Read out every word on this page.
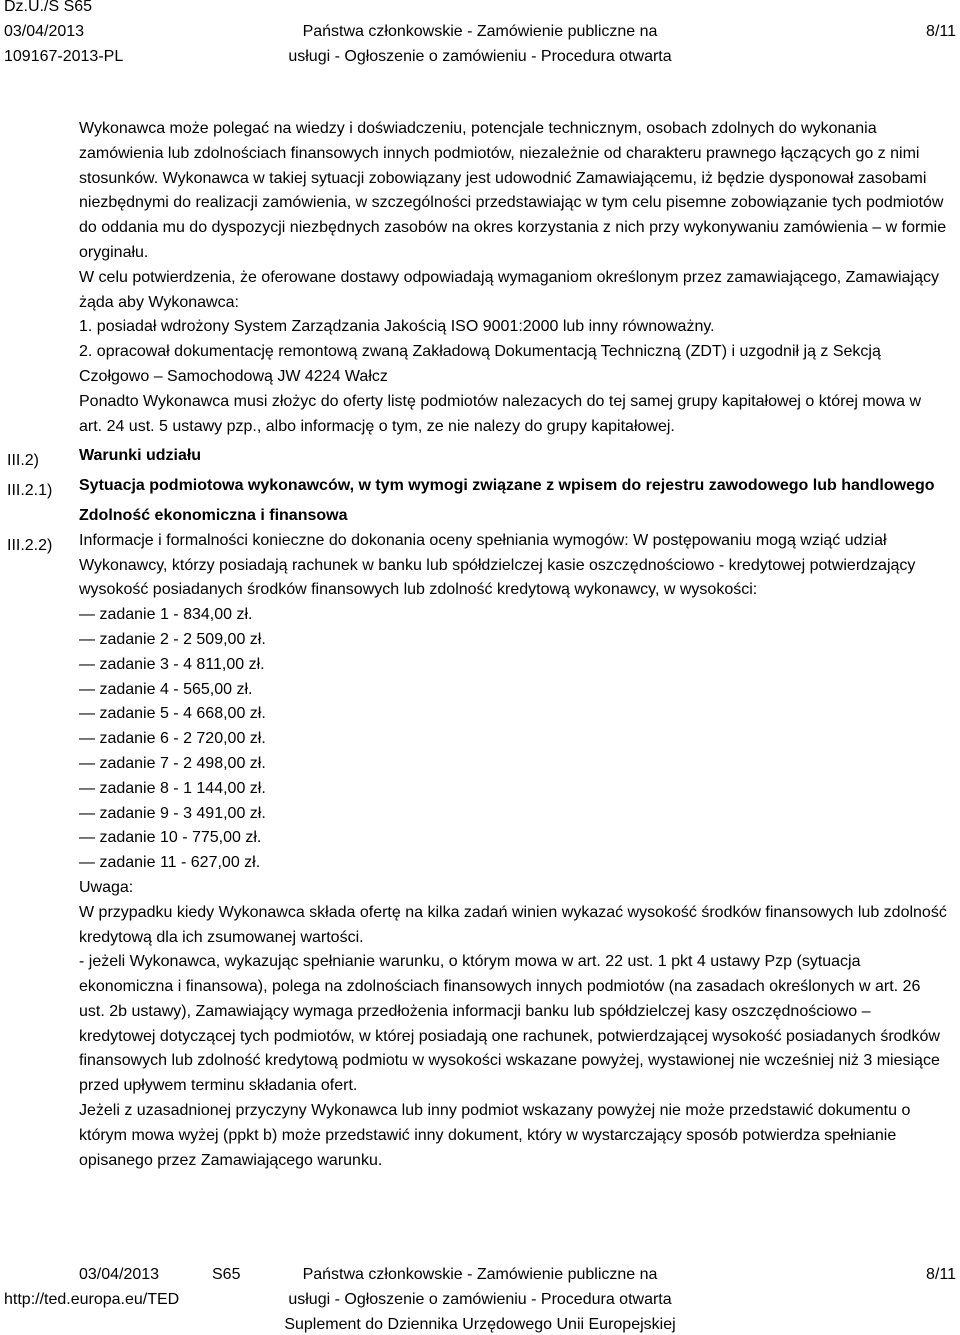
Dz.U./S S65
03/04/2013
109167-2013-PL
Państwa członkowskie - Zamówienie publiczne na
usługi - Ogłoszenie o zamówieniu - Procedura otwarta
8/11
III.2)
III.2.1)
III.2.2)

Wykonawca może polegać na wiedzy i doświadczeniu, potencjale technicznym, osobach zdolnych do wykonania zamówienia lub zdolnościach finansowych innych podmiotów, niezależnie od charakteru prawnego łączących go z nimi stosunków. Wykonawca w takiej sytuacji zobowiązany jest udowodnić Zamawiającemu, iż będzie dysponował zasobami niezbędnymi do realizacji zamówienia, w szczególności przedstawiając w tym celu pisemne zobowiązanie tych podmiotów do oddania mu do dyspozycji niezbędnych zasobów na okres korzystania z nich przy wykonywaniu zamówienia – w formie oryginału.

W celu potwierdzenia, że oferowane dostawy odpowiadają wymaganiom określonym przez zamawiającego, Zamawiający żąda aby Wykonawca:

1. posiadał wdrożony System Zarządzania Jakością ISO 9001:2000 lub inny równoważny.

2. opracował dokumentację remontową zwaną Zakładową Dokumentacją Techniczną (ZDT) i uzgodnił ją z Sekcją Czołgowo – Samochodową JW 4224 Wałcz

Ponadto Wykonawca musi złożyc do oferty listę podmiotów nalezacych do tej samej grupy kapitałowej o której mowa w art. 24 ust. 5 ustawy pzp., albo informację o tym, ze nie nalezy do grupy kapitałowej.

Warunki udziału

Sytuacja podmiotowa wykonawców, w tym wymogi związane z wpisem do rejestru zawodowego lub handlowego

Zdolność ekonomiczna i finansowa

Informacje i formalności konieczne do dokonania oceny spełniania wymogów: W postępowaniu mogą wziąć udział Wykonawcy, którzy posiadają rachunek w banku lub spółdzielczej kasie oszczędnościowo - kredytowej potwierdzający wysokość posiadanych środków finansowych lub zdolność kredytową wykonawcy, w wysokości:

— zadanie 1 - 834,00 zł.

— zadanie 2 - 2 509,00 zł.

— zadanie 3 - 4 811,00 zł.

— zadanie 4 - 565,00 zł.

— zadanie 5 - 4 668,00 zł.

— zadanie 6 - 2 720,00 zł.

— zadanie 7 - 2 498,00 zł.

— zadanie 8 - 1 144,00 zł.

— zadanie 9 - 3 491,00 zł.

— zadanie 10 - 775,00 zł.

— zadanie 11 - 627,00 zł.

Uwaga:

W przypadku kiedy Wykonawca składa ofertę na kilka zadań winien wykazać wysokość środków finansowych lub zdolność kredytową dla ich zsumowanej wartości.

- jeżeli Wykonawca, wykazując spełnianie warunku, o którym mowa w art. 22 ust. 1 pkt 4 ustawy Pzp (sytuacja ekonomiczna i finansowa), polega na zdolnościach finansowych innych podmiotów (na zasadach określonych w art. 26 ust. 2b ustawy), Zamawiający wymaga przedłożenia informacji banku lub spółdzielczej kasy oszczędnościowo – kredytowej dotyczącej tych podmiotów, w której posiadają one rachunek, potwierdzającej wysokość posiadanych środków finansowych lub zdolność kredytową podmiotu w wysokości wskazane powyżej, wystawionej nie wcześniej niż 3 miesiące przed upływem terminu składania ofert.

Jeżeli z uzasadnionej przyczyny Wykonawca lub inny podmiot wskazany powyżej nie może przedstawić dokumentu o którym mowa wyżej (ppkt b) może przedstawić inny dokument, który w wystarczający sposób potwierdza spełnianie opisanego przez Zamawiającego warunku.

03/04/2013	S65
http://ted.europa.eu/TED
Państwa członkowskie - Zamówienie publiczne na
usługi - Ogłoszenie o zamówieniu - Procedura otwarta
Suplement do Dziennika Urzędowego Unii Europejskiej
8/11
